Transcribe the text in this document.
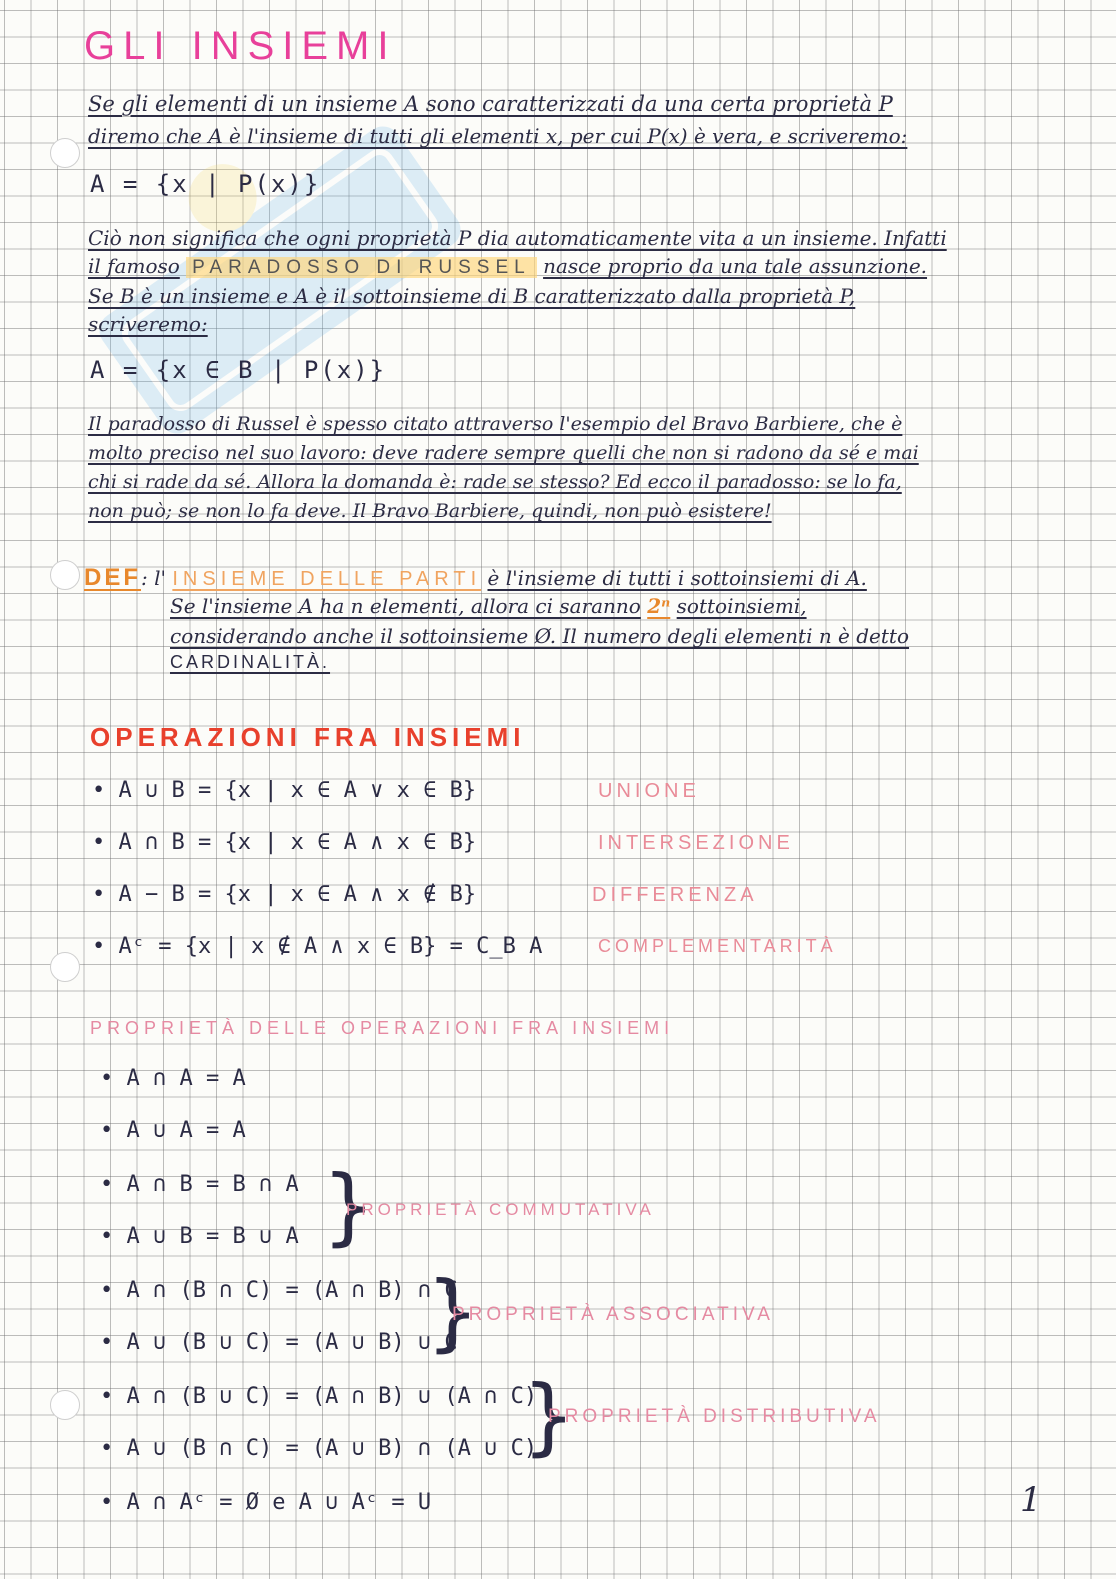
GLI INSIEMI
Se gli elementi di un insieme A sono caratterizzati da una certa proprietà P
diremo che A è l'insieme di tutti gli elementi x, per cui P(x) è vera, e scriveremo:
A = {x | P(x)}
Ciò non significa che ogni proprietà P dia automaticamente vita a un insieme. Infatti
il famoso PARADOSSO DI RUSSEL nasce proprio da una tale assunzione.
Se B è un insieme e A è il sottoinsieme di B caratterizzato dalla proprietà P,
scriveremo:
A = {x ∈ B | P(x)}
Il paradosso di Russel è spesso citato attraverso l'esempio del Bravo Barbiere, che è
molto preciso nel suo lavoro: deve radere sempre quelli che non si radono da sé e mai
chi si rade da sé. Allora la domanda è: rade se stesso? Ed ecco il paradosso: se lo fa,
non può; se non lo fa deve. Il Bravo Barbiere, quindi, non può esistere!
DEF: l' INSIEME DELLE PARTI è l'insieme di tutti i sottoinsiemi di A.
Se l'insieme A ha n elementi, allora ci saranno 2ⁿ sottoinsiemi,
considerando anche il sottoinsieme Ø. Il numero degli elementi n è detto
CARDINALITÀ.
OPERAZIONI FRA INSIEMI
• A ∪ B = {x | x ∈ A ∨ x ∈ B}	UNIONE
• A ∩ B = {x | x ∈ A ∧ x ∈ B}	INTERSEZIONE
• A − B = {x | x ∈ A ∧ x ∉ B}	DIFFERENZA
• Aᶜ = {x | x ∉ A ∧ x ∈ B} = C_B A	COMPLEMENTARITÀ
PROPRIETÀ DELLE OPERAZIONI FRA INSIEMI
• A ∩ A = A
• A ∪ A = A
• A ∩ B = B ∩ A
• A ∪ B = B ∪ A }
PROPRIETÀ COMMUTATIVA
• A ∩ (B ∩ C) = (A ∩ B) ∩ C
• A ∪ (B ∪ C) = (A ∪ B) ∪ C
}
PROPRIETÀ ASSOCIATIVA
• A ∩ (B ∪ C) = (A ∩ B) ∪ (A ∩ C)
• A ∪ (B ∩ C) = (A ∪ B) ∩ (A ∪ C)
}
PROPRIETÀ DISTRIBUTIVA
• A ∩ Aᶜ = Ø e A ∪ Aᶜ = U	1
